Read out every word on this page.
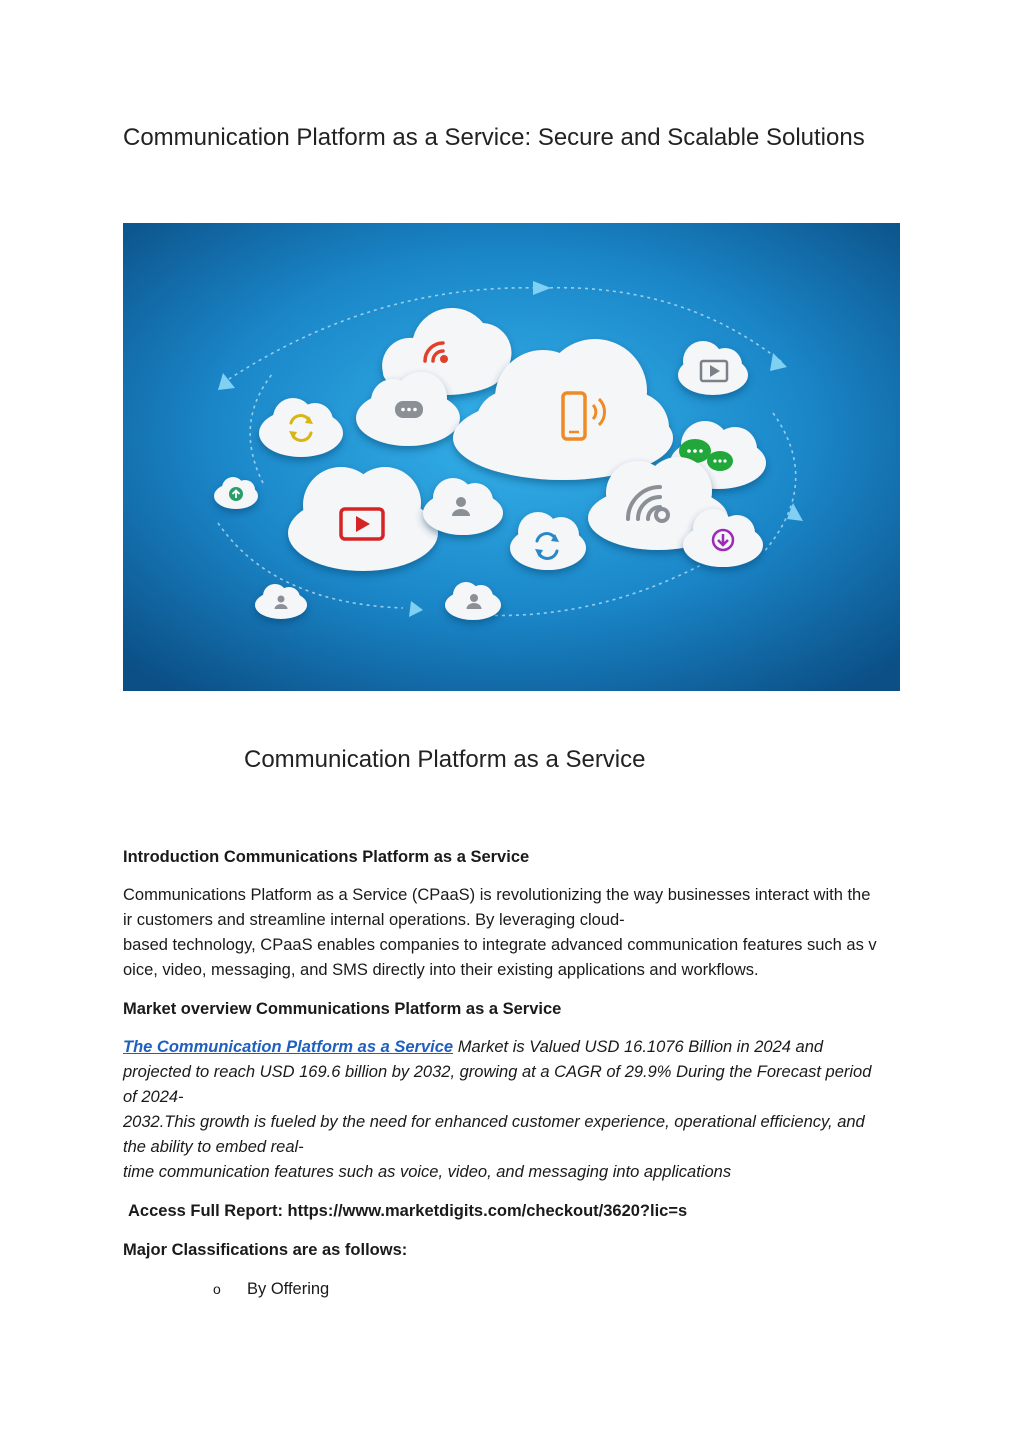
Communication Platform as a Service: Secure and Scalable Solutions

Communication Platform as a Service

Introduction Communications Platform as a Service

Communications Platform as a Service (CPaaS) is revolutionizing the way businesses interact with the
ir customers and streamline internal operations. By leveraging cloud-
based technology, CPaaS enables companies to integrate advanced communication features such as v
oice, video, messaging, and SMS directly into their existing applications and workflows.

Market overview Communications Platform as a Service

The Communication Platform as a Service Market is Valued USD 16.1076 Billion in 2024 and
projected to reach USD 169.6 billion by 2032, growing at a CAGR of 29.9% During the Forecast period
of 2024-
2032.This growth is fueled by the need for enhanced customer experience, operational efficiency, and
the ability to embed real-
time communication features such as voice, video, and messaging into applications

Access Full Report: https://www.marketdigits.com/checkout/3620?lic=s

Major Classifications are as follows:

o By Offering
